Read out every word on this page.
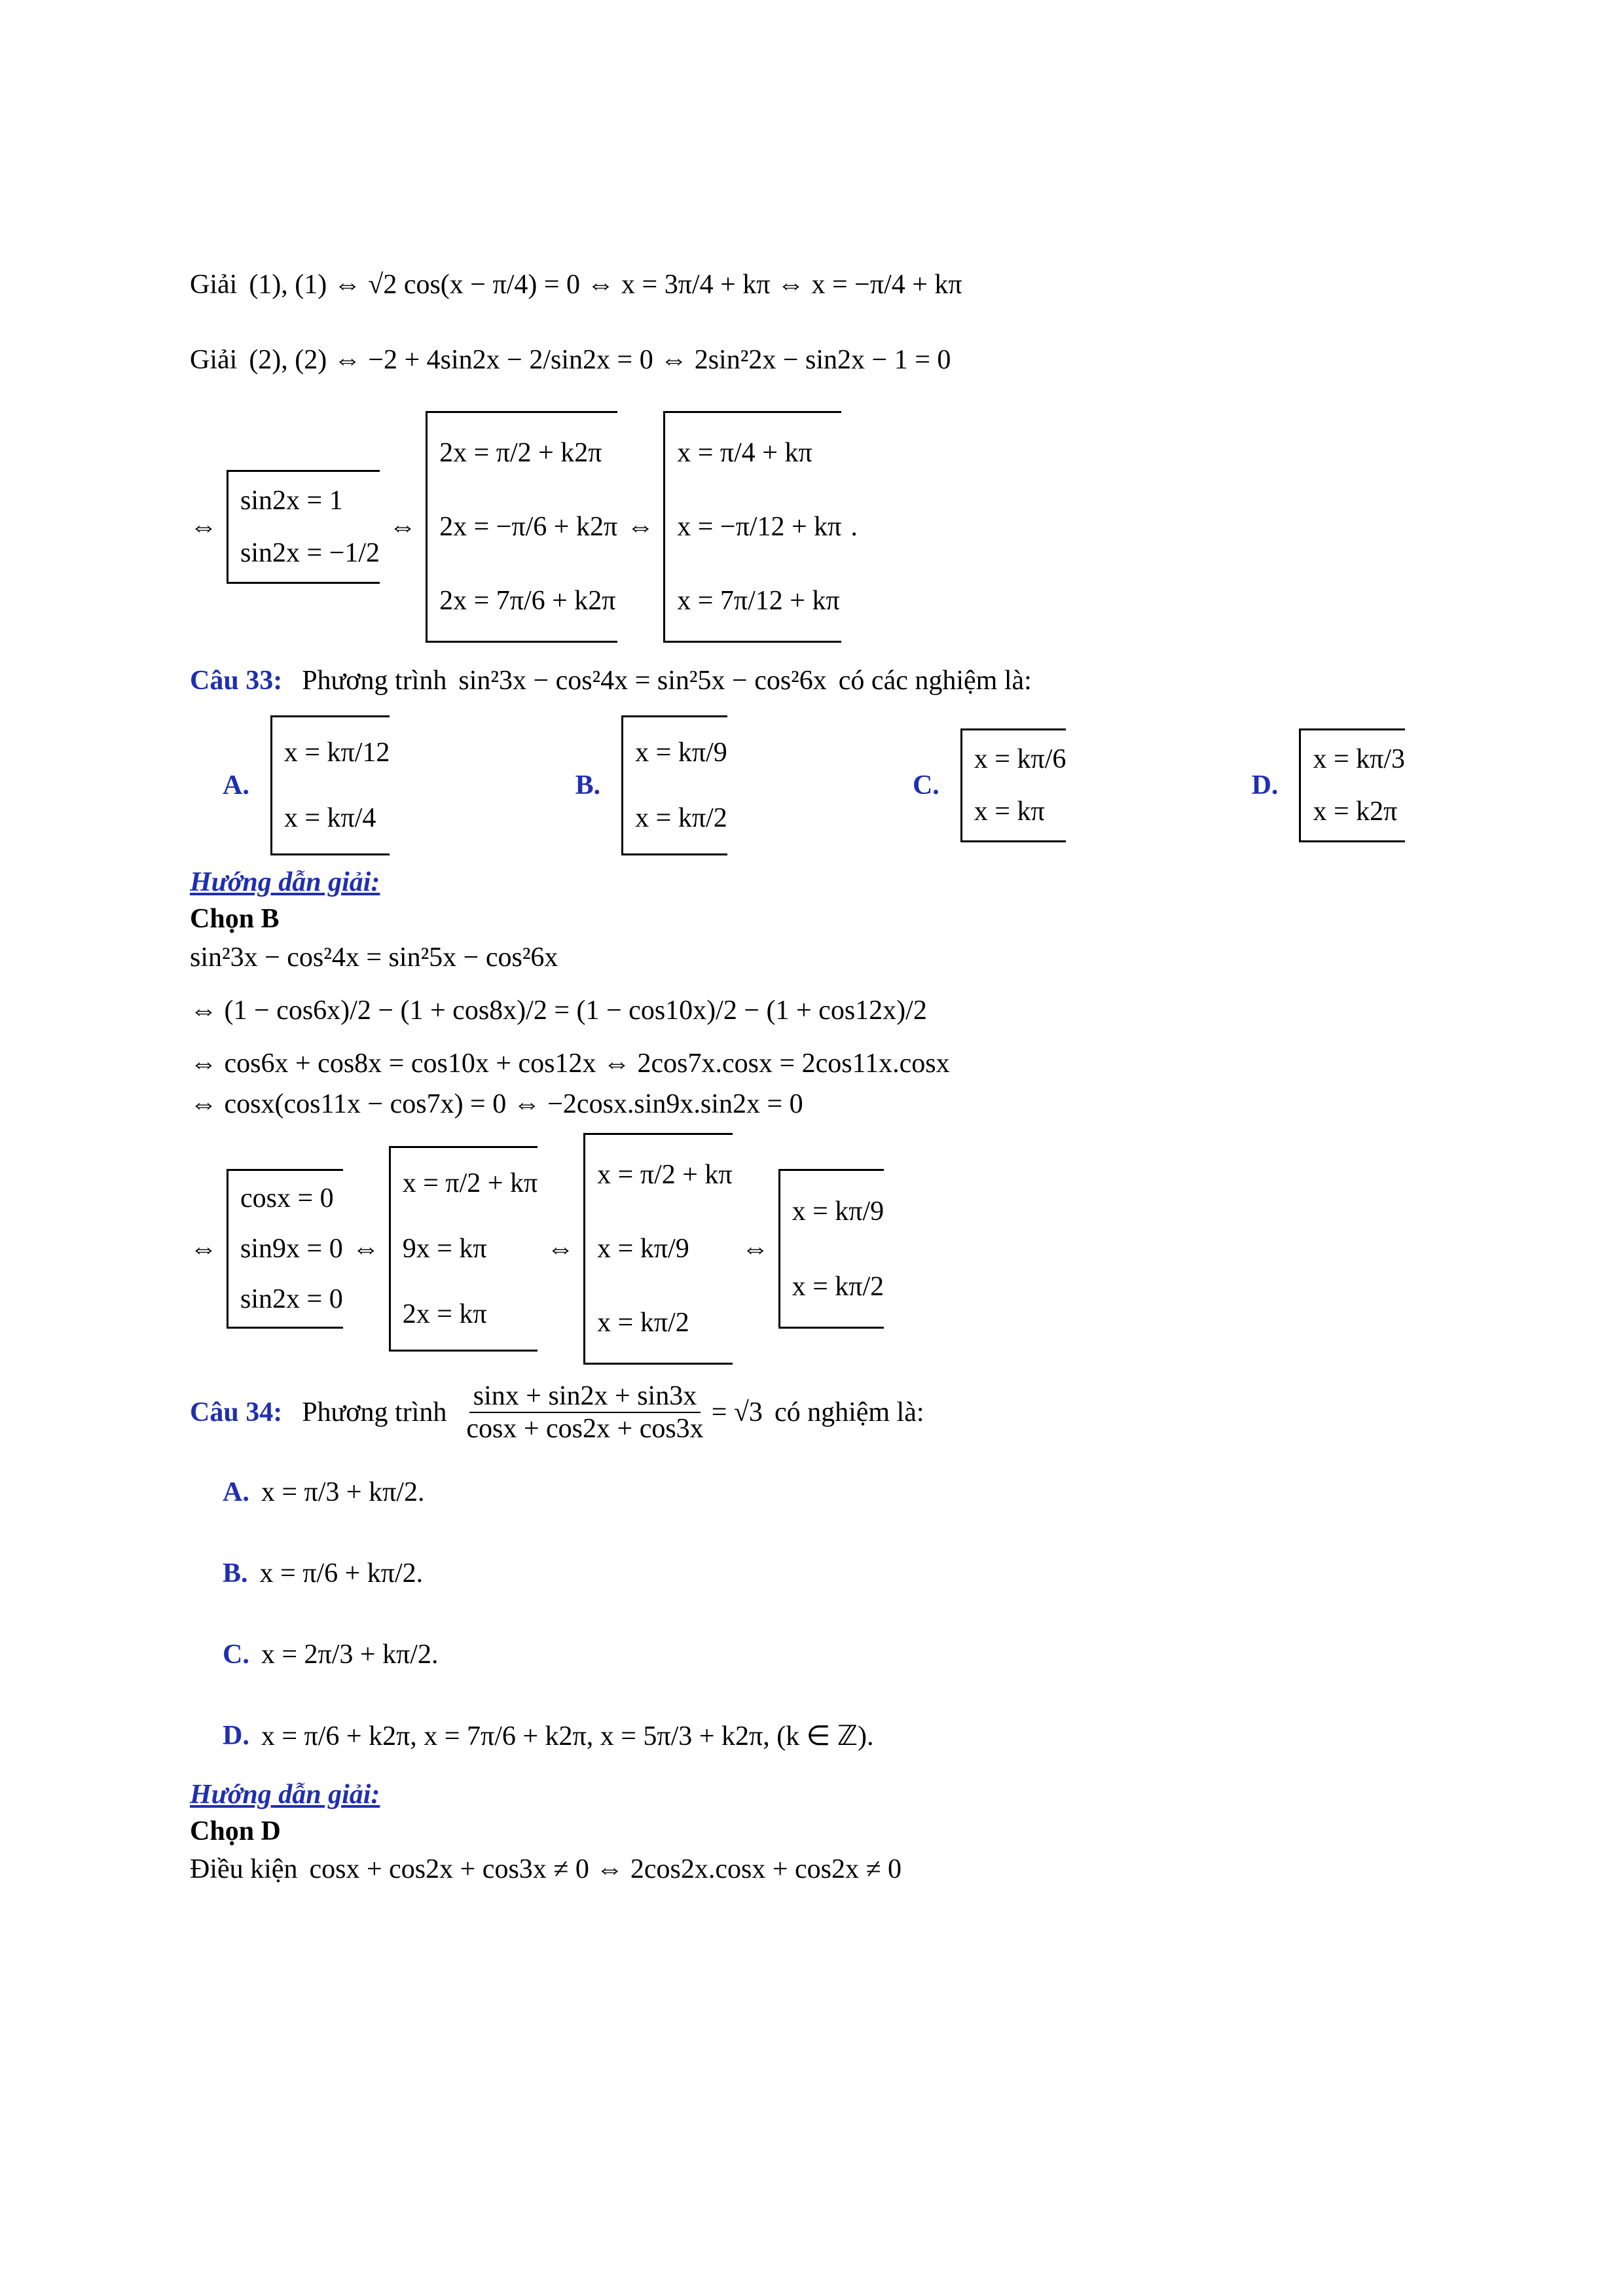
Giải (1) , (1) ⇔ √2 cos(x − π/4) = 0 ⇔ x = 3π/4 + kπ ⇔ x = −π/4 + kπ
Giải (2) , (2) ⇔ −2 + 4sin2x − 2/sin2x = 0 ⇔ 2sin²2x − sin2x − 1 = 0
⇔
sin2x = 1
sin2x = −1/2
⇔
2x = π/2 + k2π
2x = −π/6 + k2π
2x = 7π/6 + k2π
⇔
x = π/4 + kπ
x = −π/12 + kπ
x = 7π/12 + kπ
.
Câu 33: Phương trình sin²3x − cos²4x = sin²5x − cos²6x có các nghiệm là:
A.
x = kπ/12
x = kπ/4
B.
x = kπ/9
x = kπ/2
C.
x = kπ/6
x = kπ
D.
x = kπ/3
x = k2π
Hướng dẫn giải:
Chọn B
sin²3x − cos²4x = sin²5x − cos²6x
⇔ (1 − cos6x)/2 − (1 + cos8x)/2 = (1 − cos10x)/2 − (1 + cos12x)/2
⇔ cos6x + cos8x = cos10x + cos12x ⇔ 2cos7x.cosx = 2cos11x.cosx
⇔ cosx(cos11x − cos7x) = 0 ⇔ −2cosx.sin9x.sin2x = 0
⇔
cosx = 0
sin9x = 0
sin2x = 0
⇔
x = π/2 + kπ
9x = kπ
2x = kπ
⇔
x = π/2 + kπ
x = kπ/9
x = kπ/2
⇔
x = kπ/9
x = kπ/2
Câu 34: Phương trình $\frac{\sin x + \sin 2x + \sin 3x}{\cos x + \cos 2x + \cos 3x} = √3$ có nghiệm là:
A. x = π/3 + kπ/2.
B. x = π/6 + kπ/2.
C. x = 2π/3 + kπ/2.
D. x = π/6 + k2π, x = 7π/6 + k2π, x = 5π/3 + k2π, (k ∈ ℤ).
Hướng dẫn giải:
Chọn D
Điều kiện cosx + cos2x + cos3x ≠ 0 ⇔ 2cos2x.cosx + cos2x ≠ 0
